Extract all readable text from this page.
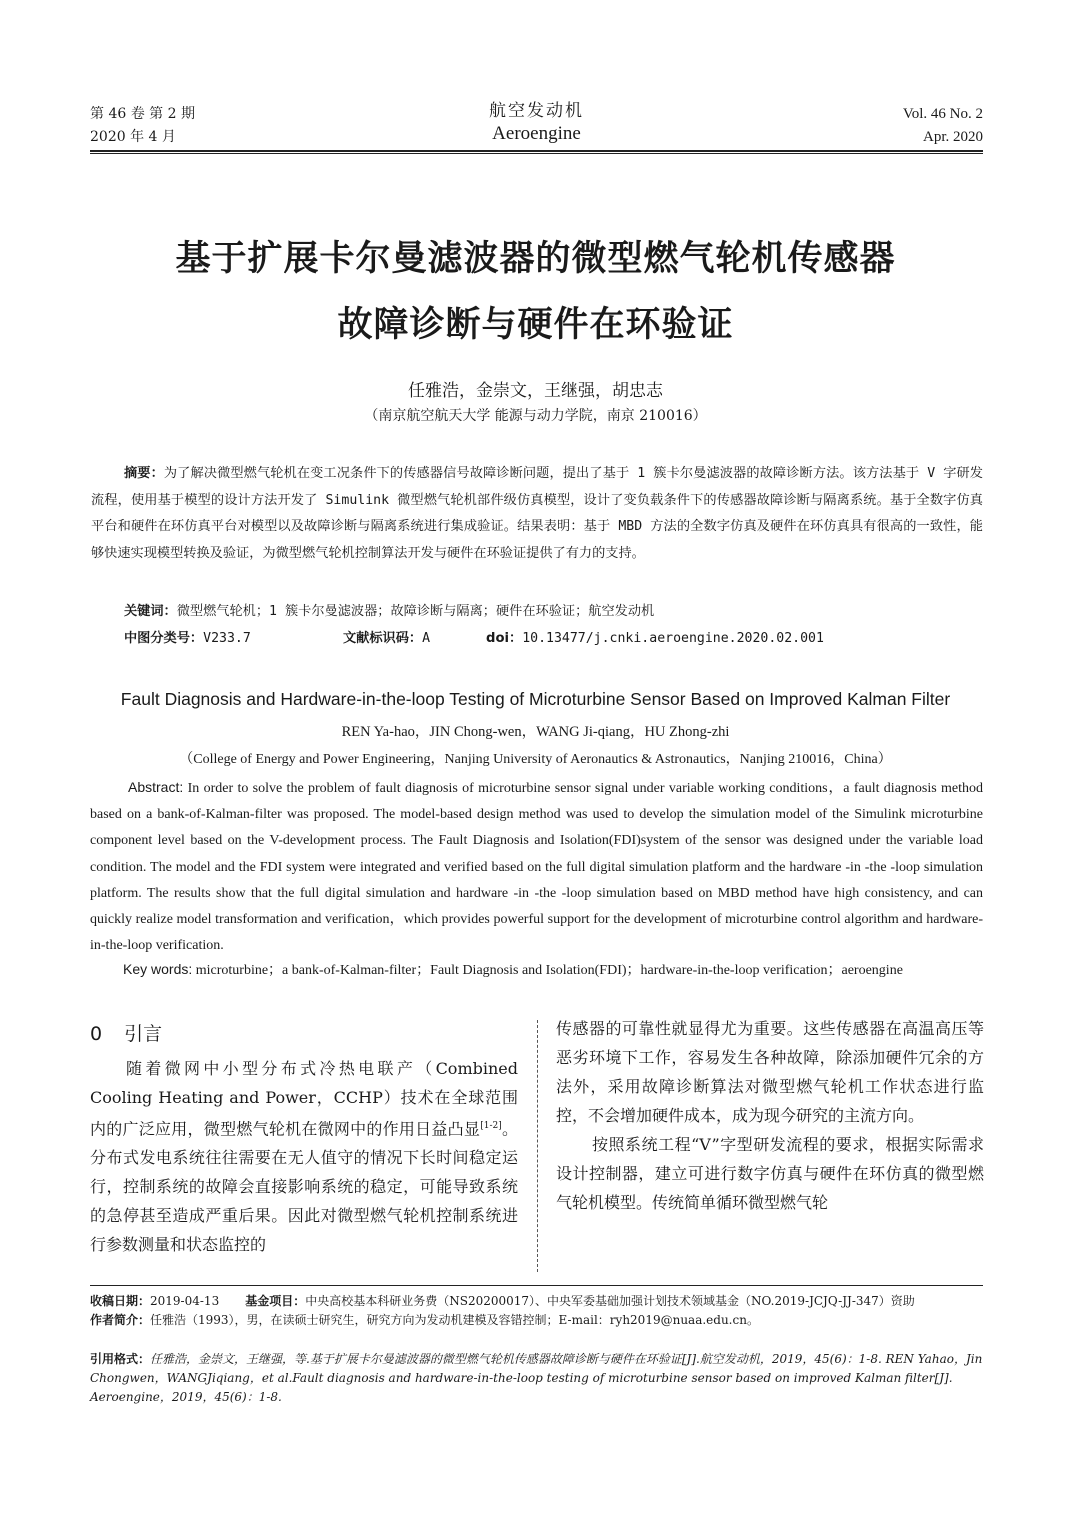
第 46 卷 第 2 期
2020 年 4 月
航空发动机
Aeroengine
Vol. 46 No. 2
Apr. 2020
基于扩展卡尔曼滤波器的微型燃气轮机传感器
故障诊断与硬件在环验证
任雅浩，金崇文，王继强，胡忠志
（南京航空航天大学 能源与动力学院，南京 210016）
摘要：为了解决微型燃气轮机在变工况条件下的传感器信号故障诊断问题，提出了基于 1 簇卡尔曼滤波器的故障诊断方法。该方法基于 V 字研发流程，使用基于模型的设计方法开发了 Simulink 微型燃气轮机部件级仿真模型，设计了变负载条件下的传感器故障诊断与隔离系统。基于全数字仿真平台和硬件在环仿真平台对模型以及故障诊断与隔离系统进行集成验证。结果表明：基于 MBD 方法的全数字仿真及硬件在环仿真具有很高的一致性，能够快速实现模型转换及验证，为微型燃气轮机控制算法开发与硬件在环验证提供了有力的支持。
关键词：微型燃气轮机；1 簇卡尔曼滤波器；故障诊断与隔离；硬件在环验证；航空发动机
中图分类号：V233.7	文献标识码：A	doi：10.13477/j.cnki.aeroengine.2020.02.001
Fault Diagnosis and Hardware-in-the-loop Testing of Microturbine Sensor Based on Improved Kalman Filter
REN Ya-hao，JIN Chong-wen，WANG Ji-qiang，HU Zhong-zhi
（College of Energy and Power Engineering，Nanjing University of Aeronautics & Astronautics，Nanjing 210016，China）
Abstract: In order to solve the problem of fault diagnosis of microturbine sensor signal under variable working conditions，a fault diagnosis method based on a bank-of-Kalman-filter was proposed. The model-based design method was used to develop the simulation model of the Simulink microturbine component level based on the V-development process. The Fault Diagnosis and Isolation(FDI)system of the sensor was designed under the variable load condition. The model and the FDI system were integrated and verified based on the full digital simulation platform and the hardware -in -the -loop simulation platform. The results show that the full digital simulation and hardware -in -the -loop simulation based on MBD method have high consistency, and can quickly realize model transformation and verification，which provides powerful support for the development of microturbine control algorithm and hardware-in-the-loop verification.
Key words: microturbine；a bank-of-Kalman-filter；Fault Diagnosis and Isolation(FDI)；hardware-in-the-loop verification；aeroengine
0 引言

随着微网中小型分布式冷热电联产（Combined Cooling Heating and Power，CCHP）技术在全球范围内的广泛应用，微型燃气轮机在微网中的作用日益凸显[1-2]。分布式发电系统往往需要在无人值守的情况下长时间稳定运行，控制系统的故障会直接影响系统的稳定，可能导致系统的急停甚至造成严重后果。因此对微型燃气轮机控制系统进行参数测量和状态监控的

传感器的可靠性就显得尤为重要。这些传感器在高温高压等恶劣环境下工作，容易发生各种故障，除添加硬件冗余的方法外，采用故障诊断算法对微型燃气轮机工作状态进行监控，不会增加硬件成本，成为现今研究的主流方向。

按照系统工程“V”字型研发流程的要求，根据实际需求设计控制器，建立可进行数字仿真与硬件在环仿真的微型燃气轮机模型。传统简单循环微型燃气轮

收稿日期：2019-04-13 基金项目：中央高校基本科研业务费（NS20200017）、中央军委基础加强计划技术领域基金（NO.2019-JCJQ-JJ-347）资助
作者简介：任雅浩（1993），男，在读硕士研究生，研究方向为发动机建模及容错控制；E-mail：ryh2019@nuaa.edu.cn。
引用格式：任雅浩，金崇文，王继强，等.基于扩展卡尔曼滤波器的微型燃气轮机传感器故障诊断与硬件在环验证[J].航空发动机，2019，45(6)：1-8. REN Yahao，Jin Chongwen，WANGJiqiang，et al.Fault diagnosis and hardware-in-the-loop testing of microturbine sensor based on improved Kalman filter[J]. Aeroengine，2019，45(6)：1-8.
